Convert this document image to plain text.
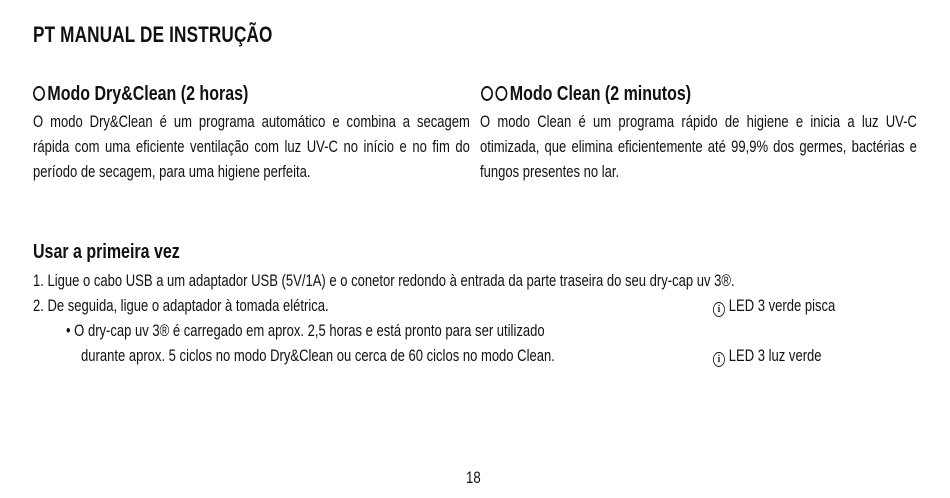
PT MANUAL DE INSTRUÇÃO
Modo Dry&Clean (2 horas)	Modo Clean (2 minutos)
O modo Dry&Clean é um programa automático e combina a secagem rápida com uma eficiente ventilação com luz UV-C no início e no fim do período de secagem, para uma higiene perfeita.
O modo Clean é um programa rápido de higiene e inicia a luz UV-C otimizada, que elimina eficientemente até 99,9% dos germes, bactérias e fungos presentes no lar.
Usar a primeira vez
1. Ligue o cabo USB a um adaptador USB (5V/1A) e o conetor redondo à entrada da parte traseira do seu dry-cap uv 3®.
2. De seguida, ligue o adaptador à tomada elétrica.
• O dry-cap uv 3® é carregado em aprox. 2,5 horas e está pronto para ser utilizado
durante aprox. 5 ciclos no modo Dry&Clean ou cerca de 60 ciclos no modo Clean.
i LED 3 verde pisca
i LED 3 luz verde
18
